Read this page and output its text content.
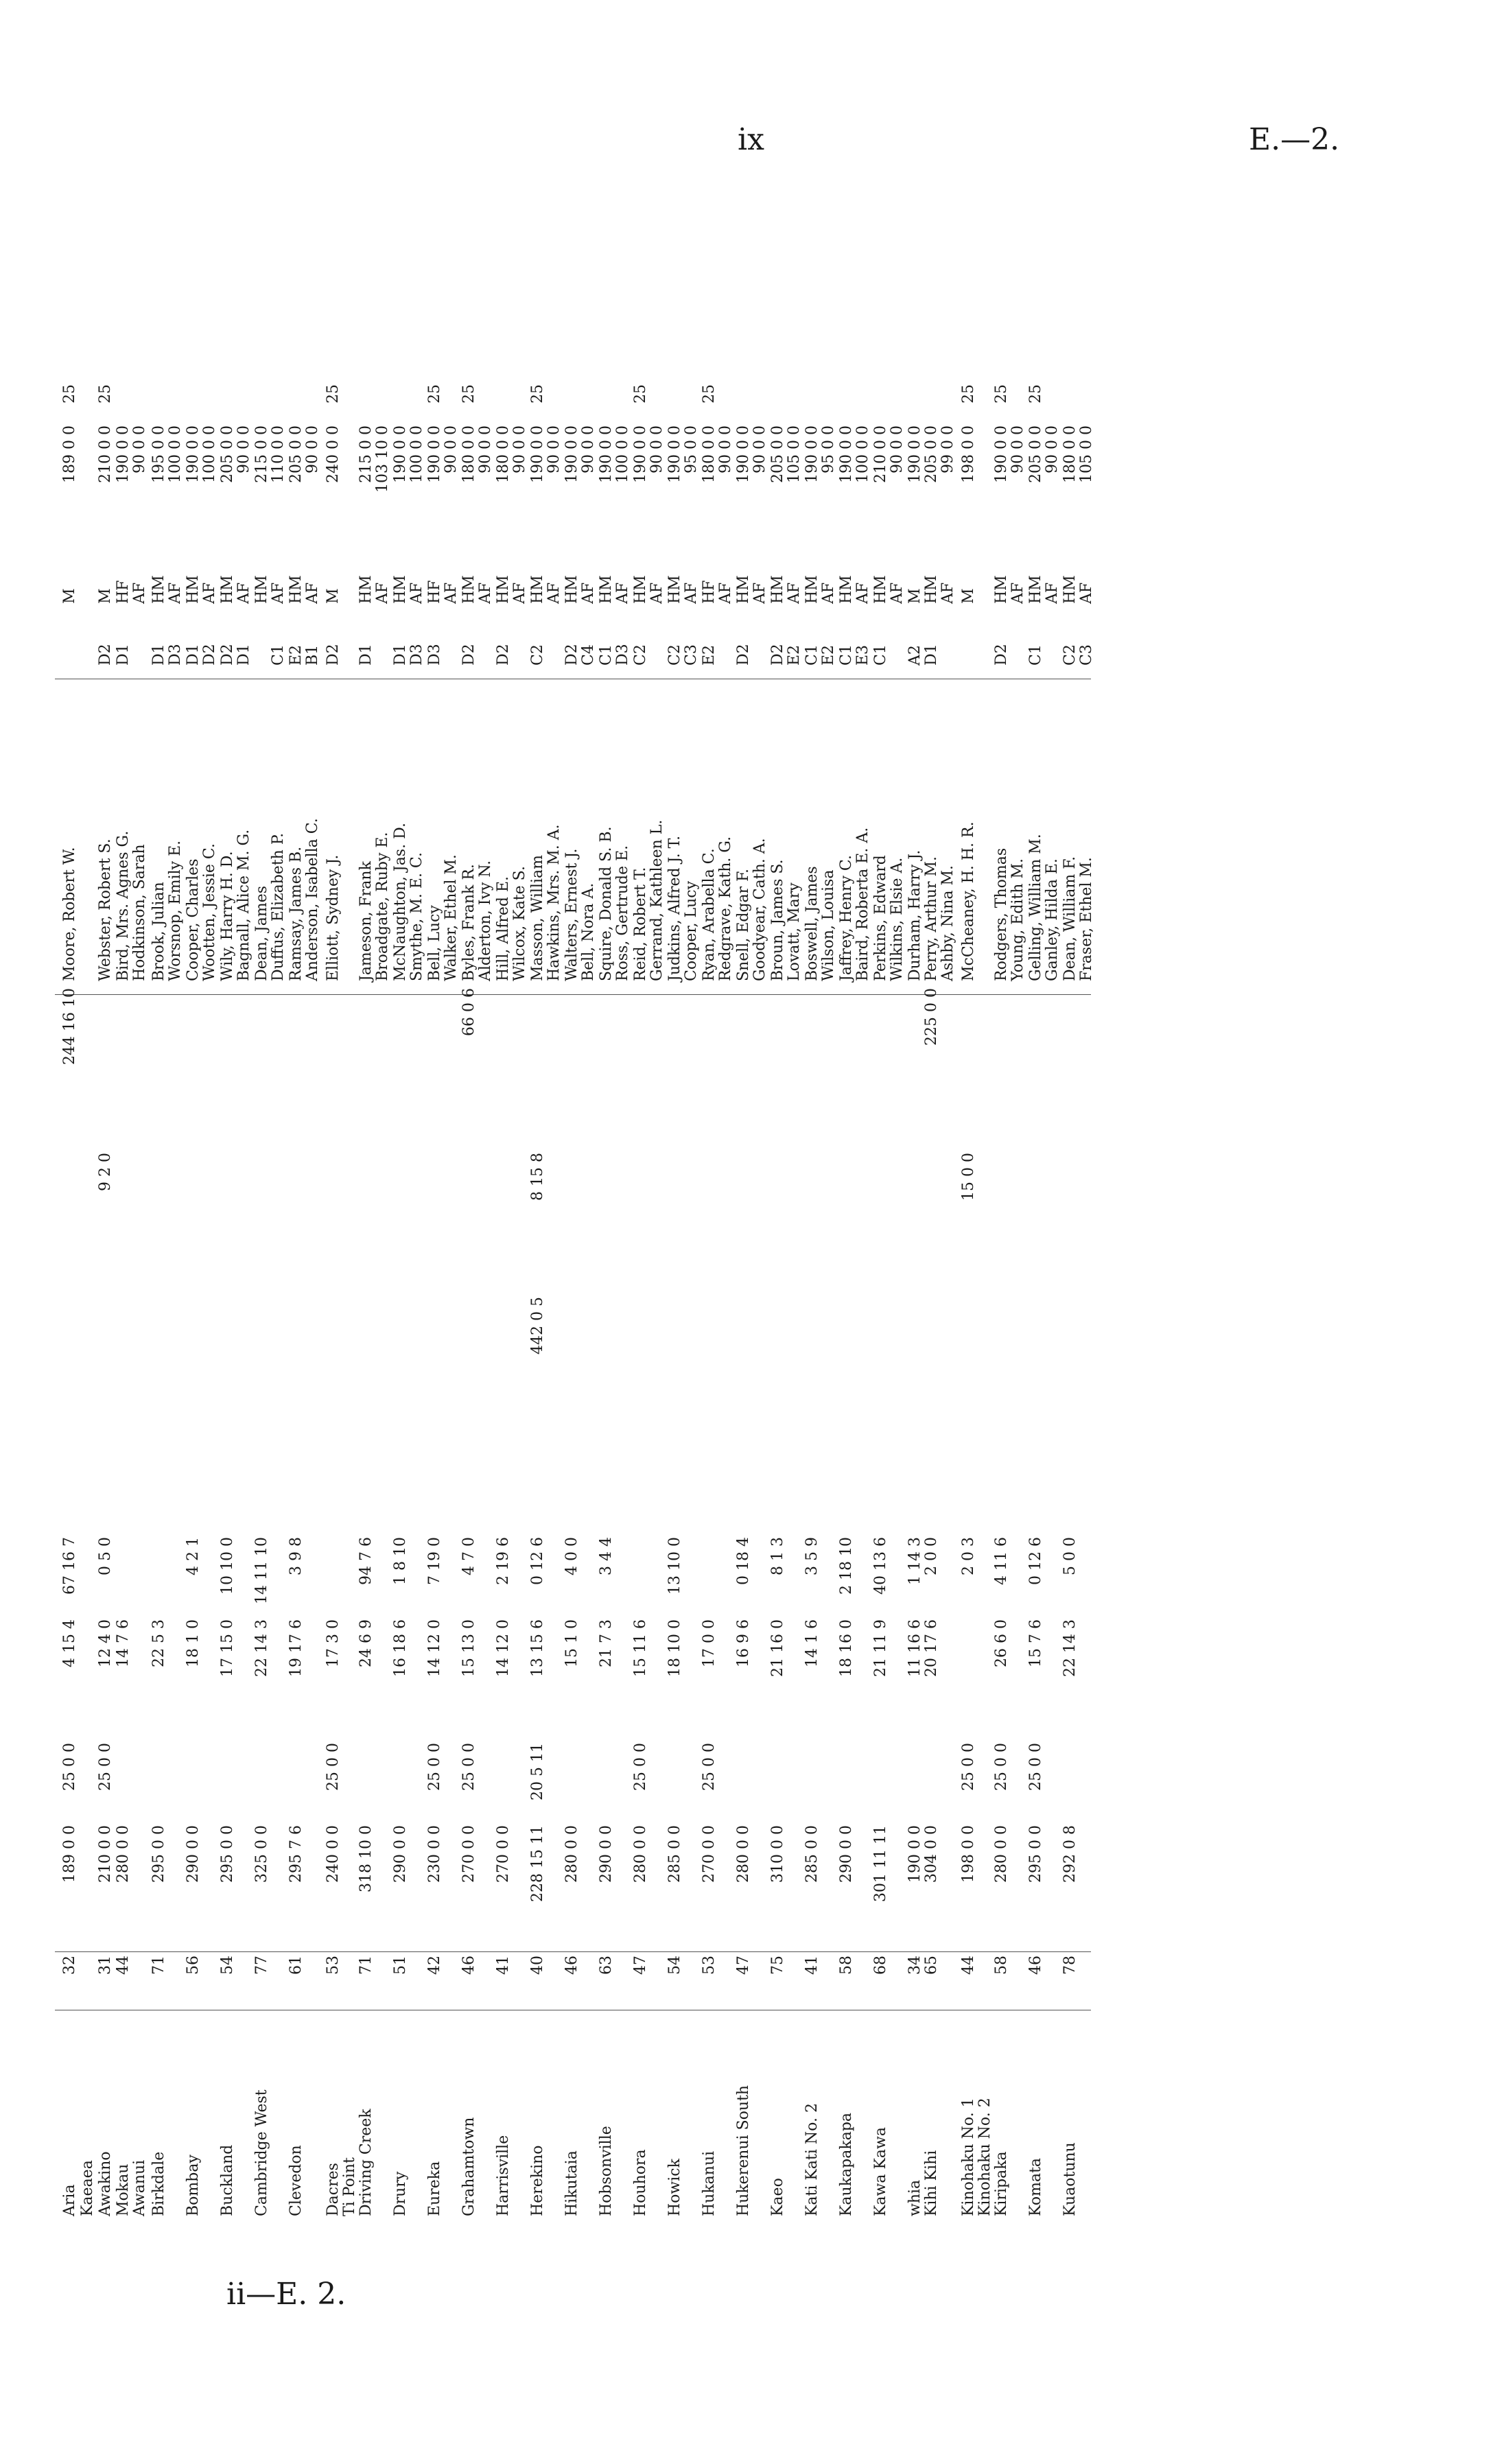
ix	E.—2.
Aria
32
189 0 0
25 0 0
4 15 4
67 16 7
244 16 10
Moore, Robert W.
M
189 0 0
25
Kaeaea Awakino
31
210 0 0
25 0 0
12 4 0
0 5 0
9 2 0
Webster, Robert S.
D2
M
210 0 0
25
Mokau
44
280 0 0
14 7 6
Bird, Mrs. Agnes G.
D1
HF
190 0 0
Awanui
Hodkinson, Sarah
AF
90 0 0
Birkdale
71
295 0 0
22 5 3
Brook, Julian
D1
HM
195 0 0
Worsnop, Emily E.
D3
AF
100 0 0
Bombay
56
290 0 0
18 1 0
4 2 1
Cooper, Charles
D1
HM
190 0 0
Wootten, Jessie C.
D2
AF
100 0 0
Buckland
54
295 0 0
17 15 0
10 10 0
Wily, Harry H. D.
D2
HM
205 0 0
Bagnall, Alice M. G.
D1
AF
90 0 0
Cambridge West
77
325 0 0
22 14 3
14 11 10
Dean, James
HM
215 0 0
Duffus, Elizabeth P.
C1
AF
110 0 0
Clevedon
61
295 7 6
19 17 6
3 9 8
Ramsay, James B.
E2
HM
205 0 0
Anderson, Isabella C.
B1
AF
90 0 0
Dacres
53
240 0 0
25 0 0
17 3 0
Elliott, Sydney J.
D2
M
240 0 0
25
Ti Point Driving Creek
71
318 10 0
24 6 9
94 7 6
Jameson, Frank
D1
HM
215 0 0
Broadgate, Ruby E.
AF
103 10 0
Drury
51
290 0 0
16 18 6
1 8 10
McNaughton, Jas. D.
D1
HM
190 0 0
Smythe, M. E. C.
D3
AF
100 0 0
Eureka
42
230 0 0
25 0 0
14 12 0
7 19 0
Bell, Lucy
D3
HF
190 0 0
25
Walker, Ethel M.
AF
90 0 0
Grahamtown
46
270 0 0
25 0 0
15 13 0
4 7 0
66 0 6
Byles, Frank R.
D2
HM
180 0 0
25
Alderton, Ivy N.
AF
90 0 0
Harrisville
41
270 0 0
14 12 0
2 19 6
Hill, Alfred E.
D2
HM
180 0 0
Wilcox, Kate S.
AF
90 0 0
Herekino
40
228 15 11
20 5 11
13 15 6
0 12 6
442 0 5
8 15 8
Masson, William
C2
HM
190 0 0
25
Hawkins, Mrs. M. A.
AF
90 0 0
Hikutaia
46
280 0 0
15 1 0
4 0 0
Walters, Ernest J.
D2
HM
190 0 0
Bell, Nora A.
C4
AF
90 0 0
Hobsonville
63
290 0 0
21 7 3
3 4 4
Squire, Donald S. B.
C1
HM
190 0 0
Ross, Gertrude E.
D3
AF
100 0 0
Houhora
47
280 0 0
25 0 0
15 11 6
Reid, Robert T.
C2
HM
190 0 0
25
Gerrand, Kathleen L.
AF
90 0 0
Howick
54
285 0 0
18 10 0
13 10 0
Judkins, Alfred J. T.
C2
HM
190 0 0
Cooper, Lucy
C3
AF
95 0 0
Hukanui
53
270 0 0
25 0 0
17 0 0
Ryan, Arabella C.
E2
HF
180 0 0
25
Redgrave, Kath. G.
AF
90 0 0
Hukerenui South
47
280 0 0
16 9 6
0 18 4
Snell, Edgar F.
D2
HM
190 0 0
Goodyear, Cath. A.
AF
90 0 0
Kaeo
75
310 0 0
21 16 0
8 1 3
Broun, James S.
D2
HM
205 0 0
Lovatt, Mary
E2
AF
105 0 0
Kati Kati No. 2
41
285 0 0
14 1 6
3 5 9
Boswell, James
C1
HM
190 0 0
Wilson, Louisa
E2
AF
95 0 0
Kaukapakapa
58
290 0 0
18 16 0
2 18 10
Jaffrey, Henry C.
C1
HM
190 0 0
Baird, Roberta E. A.
E3
AF
100 0 0
Kawa Kawa
68
301 11 11
21 11 9
40 13 6
Perkins, Edward
C1
HM
210 0 0
Wilkins, Elsie A.
AF
90 0 0
whia
34
190 0 0
11 16 6
1 14 3
Durham, Harry J.
A2
M
190 0 0
Kihi Kihi
65
304 0 0
20 17 6
2 0 0
225 0 0
Perry, Arthur M.
D1
HM
205 0 0
Ashby, Nina M.
AF
99 0 0
Kinohaku No. 1
44
198 0 0
25 0 0
2 0 3
15 0 0
McCheaney, H. H. R.
M
198 0 0
25
Kinohaku No. 2 Kiripaka
58
280 0 0
25 0 0
26 6 0
4 11 6
Rodgers, Thomas
D2
HM
190 0 0
25
Young, Edith M.
AF
90 0 0
Komata
46
295 0 0
25 0 0
15 7 6
0 12 6
Gelling, William M.
C1
HM
205 0 0
25
Ganley, Hilda E.
AF
90 0 0
Kuaotunu
78
292 0 8
22 14 3
5 0 0
Dean, William F.
C2
HM
180 0 0
Fraser, Ethel M.
C3
AF
105 0 0
ii—E. 2.
